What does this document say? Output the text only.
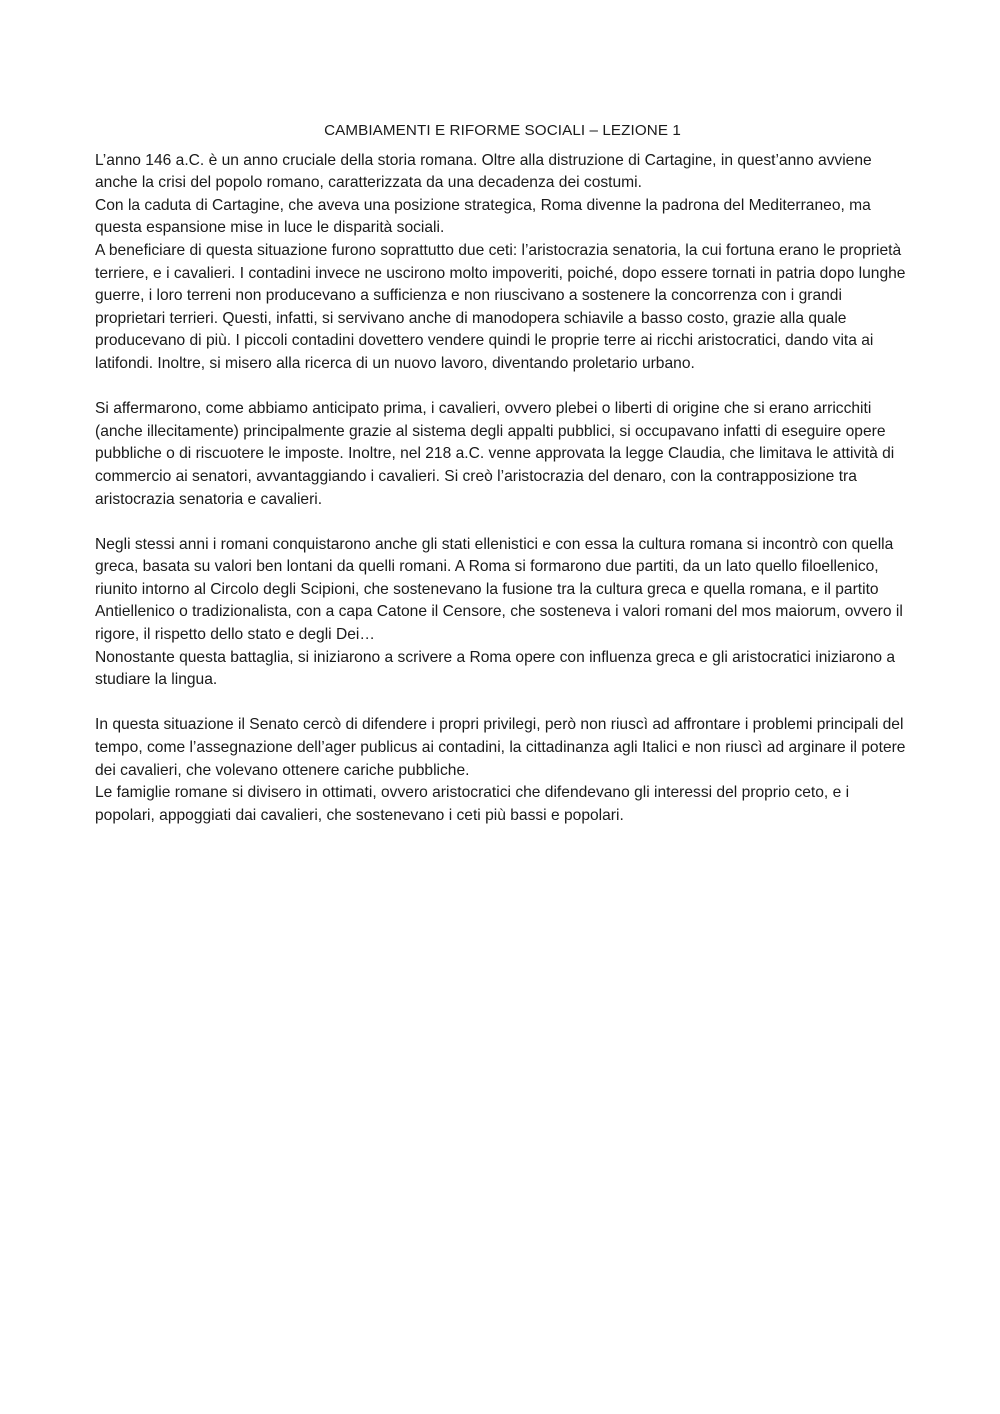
CAMBIAMENTI E RIFORME SOCIALI – LEZIONE 1

L’anno 146 a.C. è un anno cruciale della storia romana. Oltre alla distruzione di Cartagine, in quest’anno avviene anche la crisi del popolo romano, caratterizzata da una decadenza dei costumi.

Con la caduta di Cartagine, che aveva una posizione strategica, Roma divenne la padrona del Mediterraneo, ma questa espansione mise in luce le disparità sociali.

A beneficiare di questa situazione furono soprattutto due ceti: l’aristocrazia senatoria, la cui fortuna erano le proprietà terriere, e i cavalieri. I contadini invece ne uscirono molto impoveriti, poiché, dopo essere tornati in patria dopo lunghe guerre, i loro terreni non producevano a sufficienza e non riuscivano a sostenere la concorrenza con i grandi proprietari terrieri. Questi, infatti, si servivano anche di manodopera schiavile a basso costo, grazie alla quale producevano di più. I piccoli contadini dovettero vendere quindi le proprie terre ai ricchi aristocratici, dando vita ai latifondi. Inoltre, si misero alla ricerca di un nuovo lavoro, diventando proletario urbano.

Si affermarono, come abbiamo anticipato prima, i cavalieri, ovvero plebei o liberti di origine che si erano arricchiti (anche illecitamente) principalmente grazie al sistema degli appalti pubblici, si occupavano infatti di eseguire opere pubbliche o di riscuotere le imposte. Inoltre, nel 218 a.C. venne approvata la legge Claudia, che limitava le attività di commercio ai senatori, avvantaggiando i cavalieri. Si creò l’aristocrazia del denaro, con la contrapposizione tra aristocrazia senatoria e cavalieri.

Negli stessi anni i romani conquistarono anche gli stati ellenistici e con essa la cultura romana si incontrò con quella greca, basata su valori ben lontani da quelli romani. A Roma si formarono due partiti, da un lato quello filoellenico, riunito intorno al Circolo degli Scipioni, che sostenevano la fusione tra la cultura greca e quella romana, e il partito Antiellenico o tradizionalista, con a capa Catone il Censore, che sosteneva i valori romani del mos maiorum, ovvero il rigore, il rispetto dello stato e degli Dei…

Nonostante questa battaglia, si iniziarono a scrivere a Roma opere con influenza greca e gli aristocratici iniziarono a studiare la lingua.

In questa situazione il Senato cercò di difendere i propri privilegi, però non riuscì ad affrontare i problemi principali del tempo, come l’assegnazione dell’ager publicus ai contadini, la cittadinanza agli Italici e non riuscì ad arginare il potere dei cavalieri, che volevano ottenere cariche pubbliche.

Le famiglie romane si divisero in ottimati, ovvero aristocratici che difendevano gli interessi del proprio ceto, e i popolari, appoggiati dai cavalieri, che sostenevano i ceti più bassi e popolari.
